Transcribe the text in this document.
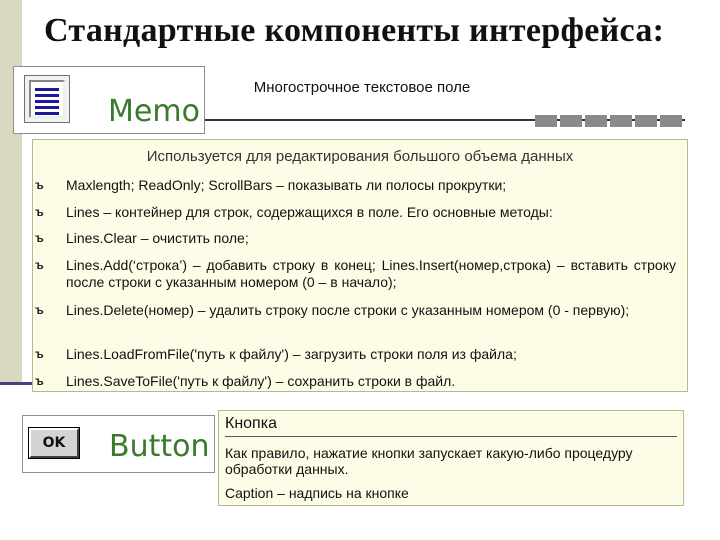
Стандартные компоненты интерфейса:
Memo
Многострочное текстовое поле
Используется для редактирования большого объема данных
ъ Maxlength; ReadOnly; ScrollBars – показывать ли полосы прокрутки;
ъ Lines – контейнер для строк, содержащихся в поле. Его основные методы:
ъ Lines.Clear – очистить поле;
ъ Lines.Add(‘строка’) – добавить строку в конец; Lines.Insert(номер,строка) – вставить строку после строки с указанным номером (0 – в начало);
ъ Lines.Delete(номер) – удалить строку после строки с указанным номером (0 - первую);
ъ Lines.LoadFromFile('путь к файлу') – загрузить строки поля из файла;
ъ Lines.SaveToFile('путь к файлу') – сохранить строки в файл.
OK	Button
Кнопка
Как правило, нажатие кнопки запускает какую-либо процедуру обработки данных.
Caption – надпись на кнопке
